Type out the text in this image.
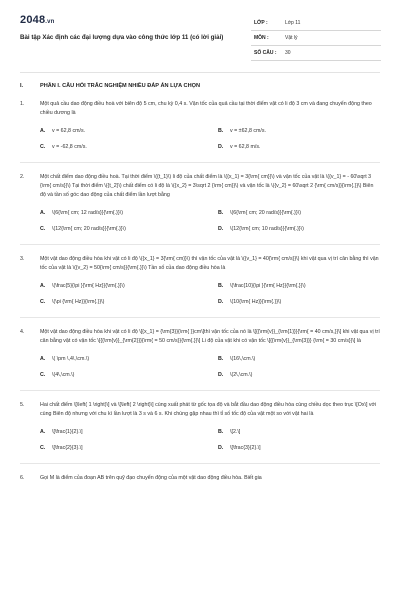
2048.vn
Bài tập Xác định các đại lượng dựa vào công thức lớp 11 (có lời giải)
LỚP :	Lớp 11
MÔN :	Vật lý
SỐ CÂU : 30
I.	PHẦN I. CÂU HỎI TRẮC NGHIỆM NHIỀU ĐÁP ÁN LỰA CHỌN
1.	Một quả cầu dao động điều hoà với biên độ 5 cm, chu kỳ 0,4 s. Vận tốc của quả cầu tại thời điểm vật có li độ 3 cm và đang chuyển động theo chiều dương là
A.	v = 62,8 cm/s.	B.	v = ±62,8 cm/s.
C.	v = -62,8 cm/s.	D.	v = 62,8 m/s.
2.	Một chất điểm dao động điều hoà. Tại thời điểm \({t_1}\) li độ của chất điểm là \({x_1} = 3{\rm{ cm}}\) và vận tốc của vật là \({v_1} = - 60\sqrt 3 {\rm{ cm/s}}\) Tại thời điểm \({t_2}\) chất điểm có li độ là \({x_2} = 3\sqrt 2 {\rm{ cm}}\) và vận tốc là \({v_2} = 60\sqrt 2 {\rm{ cm/s}}{\rm{.}}\) Biên độ và tần số góc dao động của chất điểm lần lượt bằng
A.	\(6{\rm{ cm; 12 rad/s}}{\rm{.}}\)	B.	\(6{\rm{ cm; 20 rad/s}}{\rm{.}}\)
C.	\(12{\rm{ cm; 20 rad/s}}{\rm{.}}\)	D.	\(12{\rm{ cm; 10 rad/s}}{\rm{.}}\)
3.	Một vật dao động điều hòa khi vật có li độ \({x_1} = 3{\rm{ cm}}\) thì vận tốc của vật là \({v_1} = 40{\rm{ cm/s}}\) khi vật qua vị trí cân bằng thì vận tốc của vật là \({v_2} = 50{\rm{ cm/s}}{\rm{.}}\) Tần số của dao động điều hòa là
A.	\(\frac{5}{\pi }{\rm{ Hz}}{\rm{.}}\)	B.	\(\frac{10}{\pi }{\rm{ Hz}}{\rm{.}}\)
C.	\(\pi {\rm{ Hz}}{\rm{.}}\)	D.	\(10{\rm{ Hz}}{\rm{.}}\)
4.	Một vật dao động điều hòa khi vật có li độ \[{x_1} = {\rm{3}}{\rm{ }}cm\]thì vận tốc của nó là \[{{\rm{v}}_{\rm{1}}}{\rm{ = 40 cm/s,}}\] khi vật qua vị trí cân bằng vật có vận tốc \[{{\rm{v}}_{\rm{2}}}{\rm{ = 50 cm/s}}{\rm{.}}\] Li độ của vật khi có vận tốc \[{{\rm{v}}_{\rm{3}}} {\rm{ = 30 cm/s}}\] là
A.	\( \pm \,4\,\cm.\)	B.	\(16\,\cm.\)
C.	\(4\,\cm.\)	D.	\(2\,\cm.\)
5.	Hai chất điểm \[\left( 1 \right)\] và \[\left( 2 \right)\] cùng xuất phát từ gốc tọa độ và bắt đầu dao động điều hòa cùng chiều dọc theo trục \[Ox\] với cùng Biên độ nhưng với chu kì lần lượt là 3 s và 6 s. Khi chúng gặp nhau thì tỉ số tốc độ của vật một so với vật hai là
A.	\[\frac{1}{2}.\]	B.	\[2.\]
C.	\[\frac{2}{3}.\]	D.	\[\frac{3}{2}.\]
6.	Gọi M là điểm của đoạn AB trên quỹ đạo chuyển động của một vật dao động điều hòa. Biết gia
